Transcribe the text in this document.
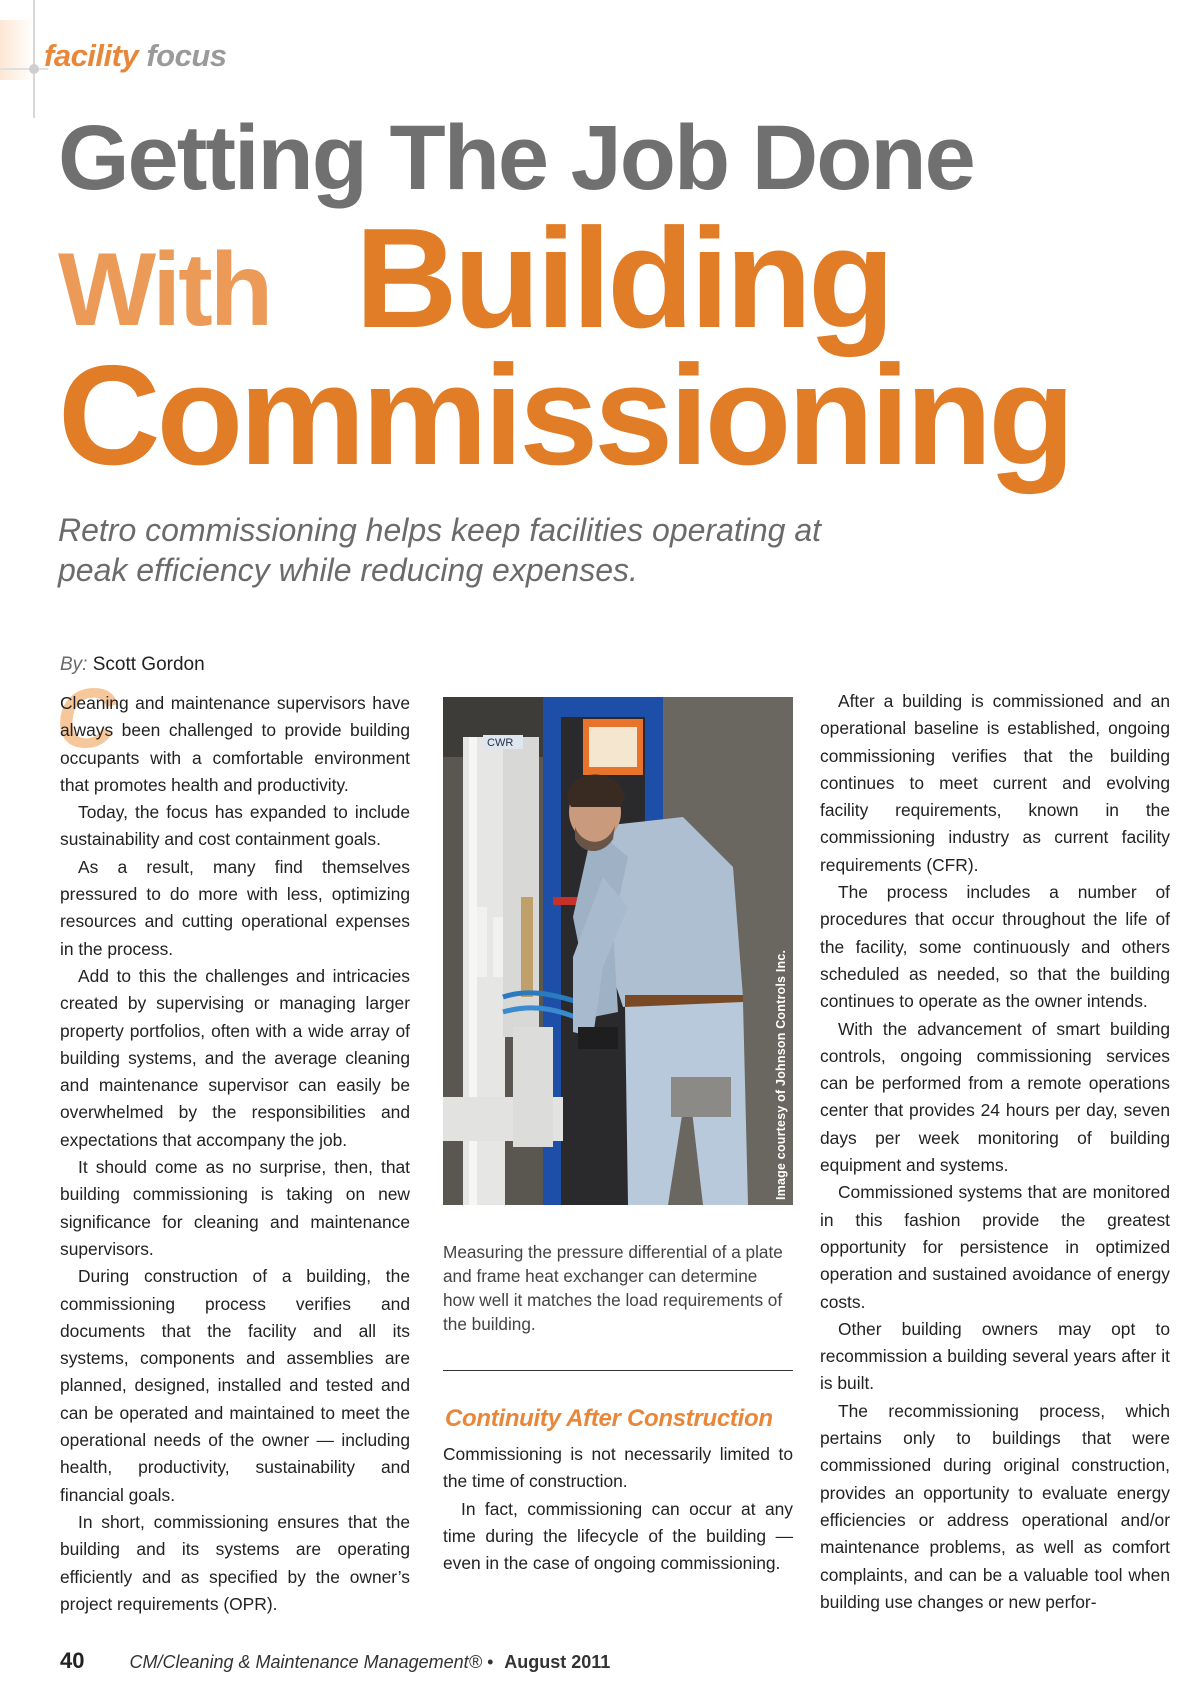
facility focus
Getting The Job Done
With Building
Commissioning
Retro commissioning helps keep facilities operating at peak efficiency while reducing expenses.
By: Scott Gordon
C

Cleaning and maintenance supervisors have always been challenged to provide building occupants with a comfortable environment that promotes health and productivity.

Today, the focus has expanded to include sustainability and cost containment goals.

As a result, many find themselves pressured to do more with less, optimizing resources and cutting operational expenses in the process.

Add to this the challenges and intricacies created by supervising or managing larger property portfolios, often with a wide array of building systems, and the average cleaning and maintenance supervisor can easily be overwhelmed by the responsibilities and expectations that accompany the job.

It should come as no surprise, then, that building commissioning is taking on new significance for cleaning and maintenance supervisors.

During construction of a building, the commissioning process verifies and documents that the facility and all its systems, components and assemblies are planned, designed, installed and tested and can be operated and maintained to meet the operational needs of the owner — including health, productivity, sustainability and financial goals.

In short, commissioning ensures that the building and its systems are operating efficiently and as specified by the owner’s project requirements (OPR).

CWR
Image courtesy of Johnson Controls Inc.
Measuring the pressure differential of a plate and frame heat exchanger can determine how well it matches the load requirements of the building.
Continuity After Construction

Commissioning is not necessarily limited to the time of construction.

In fact, commissioning can occur at any time during the lifecycle of the building — even in the case of ongoing commissioning.

After a building is commissioned and an operational baseline is established, ongoing commissioning verifies that the building continues to meet current and evolving facility requirements, known in the commissioning industry as current facility requirements (CFR).

The process includes a number of procedures that occur throughout the life of the facility, some continuously and others scheduled as needed, so that the building continues to operate as the owner intends.

With the advancement of smart building controls, ongoing commissioning services can be performed from a remote operations center that provides 24 hours per day, seven days per week monitoring of building equipment and systems.

Commissioned systems that are monitored in this fashion provide the greatest opportunity for persistence in optimized operation and sustained avoidance of energy costs.

Other building owners may opt to recommission a building several years after it is built.

The recommissioning process, which pertains only to buildings that were commissioned during original construction, provides an opportunity to evaluate energy efficiencies or address operational and/or maintenance problems, as well as comfort complaints, and can be a valuable tool when building use changes or new perfor-

40	CM/Cleaning & Maintenance Management® • August 2011
